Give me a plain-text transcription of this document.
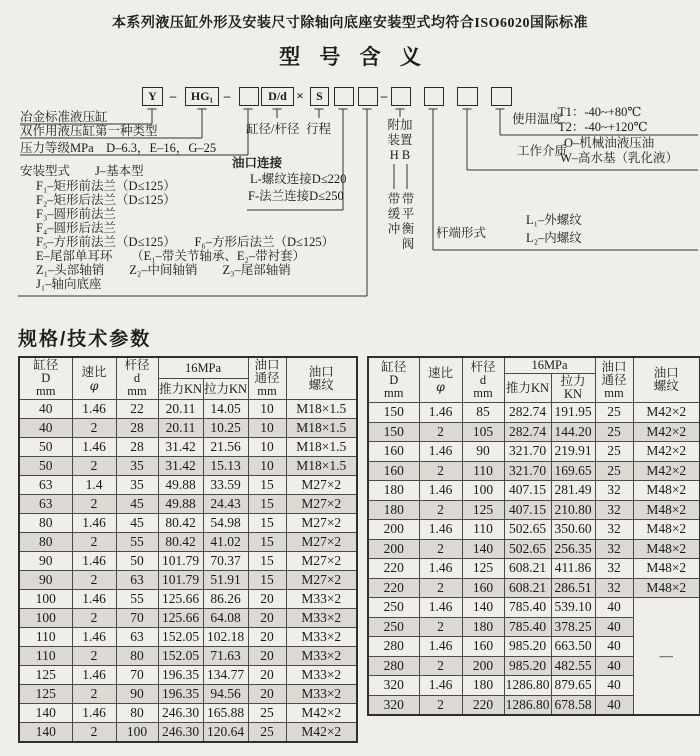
本系列液压缸外形及安装尺寸除轴向底座安装型式均符合ISO6020国际标准
型 号 含 义
Y –	HG₁ –	D/d ×	S	–
冶金标准液压缸
双作用液压缸第一种类型
压力等级MPa　D–6.3，E–16，G–25
缸径/杆径 行程
安装型式　　J–基本型
F₁–矩形前法兰（D≤125）
F₂–矩形后法兰（D≤125）
F₃–圆形前法兰
F₄–圆形后法兰
F₅–方形前法兰（D≤125）　　F₆–方形后法兰（D≤125）
E–尾部单耳环　　（E₁–带关节轴承、E₂–带衬套）
Z₁–头部轴销　　Z₂–中间轴销　　Z₃–尾部轴销
J₁–轴向底座
油口连接
L-螺纹连接D≤220
F-法兰连接D≤250
附加
装置
H B
带缓冲
带平衡阀
杆端形式
L₁–外螺纹
L₂–内螺纹
工作介质
O–机械油液压油
W–高水基（乳化液）
使用温度
T1：-40~+80℃
T2：-40~+120℃
规格/技术参数
缸径
D
mm

速比
φ

杆径
d
mm
	16MPa	油口
通径
mm

油口
螺纹

			推力KN	拉力KN		
40	1.46	22	20.11	14.05	10	M18×1.5
40	2	28	20.11	10.25	10	M18×1.5
50	1.46	28	31.42	21.56	10	M18×1.5
50	2	35	31.42	15.13	10	M18×1.5
63	1.4	35	49.88	33.59	15	M27×2
63	2	45	49.88	24.43	15	M27×2
80	1.46	45	80.42	54.98	15	M27×2
80	2	55	80.42	41.02	15	M27×2
90	1.46	50	101.79	70.37	15	M27×2
90	2	63	101.79	51.91	15	M27×2
100	1.46	55	125.66	86.26	20	M33×2
100	2	70	125.66	64.08	20	M33×2
110	1.46	63	152.05	102.18	20	M33×2
110	2	80	152.05	71.63	20	M33×2
125	1.46	70	196.35	134.77	20	M33×2
125	2	90	196.35	94.56	20	M33×2
140	1.46	80	246.30	165.88	25	M42×2
140	2	100	246.30	120.64	25	M42×2
缸径
D
mm

速比
φ

杆径
d
mm
	16MPa	油口
通径
mm

油口
螺纹

			推力KN	拉力KN		
150	1.46	85	282.74	191.95	25	M42×2
150	2	105	282.74	144.20	25	M42×2
160	1.46	90	321.70	219.91	25	M42×2
160	2	110	321.70	169.65	25	M42×2
180	1.46	100	407.15	281.49	32	M48×2
180	2	125	407.15	210.80	32	M48×2
200	1.46	110	502.65	350.60	32	M48×2
200	2	140	502.65	256.35	32	M48×2
220	1.46	125	608.21	411.86	32	M48×2
220	2	160	608.21	286.51	32	M48×2
250	1.46	140	785.40	539.10	40	—
250	2	180	785.40	378.25	40	
280	1.46	160	985.20	663.50	40	
280	2	200	985.20	482.55	40	
320	1.46	180	1286.80	879.65	40	
320	2	220	1286.80	678.58	40	
